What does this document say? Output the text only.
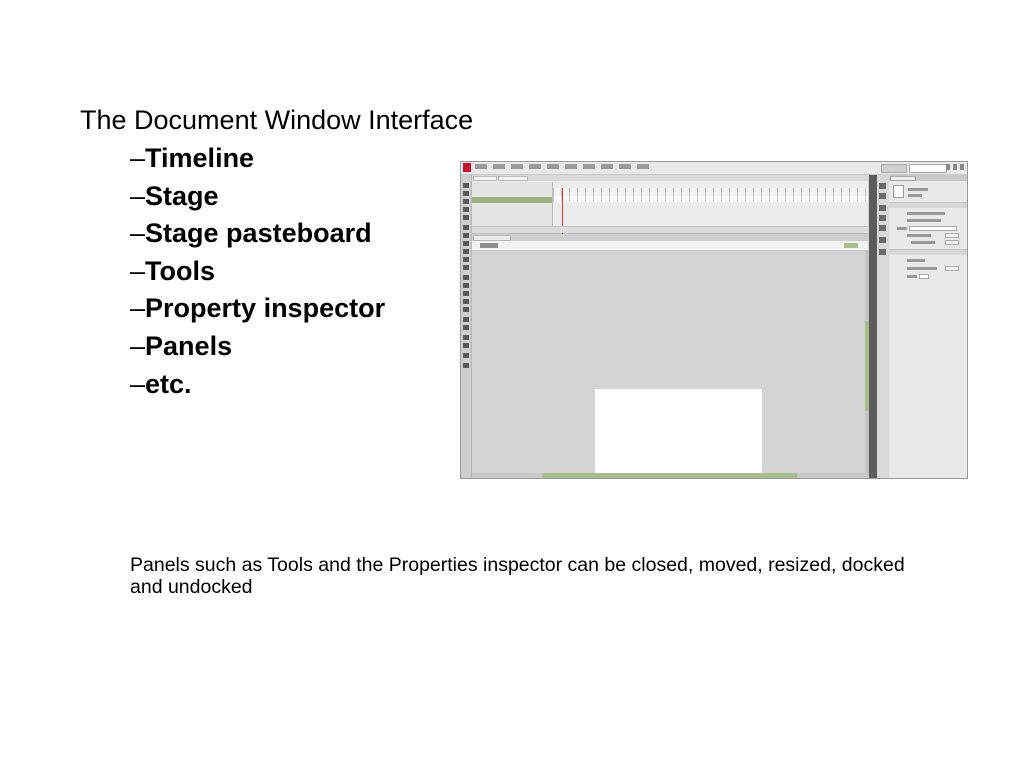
The Document Window Interface
–Timeline
–Stage
–Stage pasteboard
–Tools
–Property inspector
–Panels
–etc.
Panels such as Tools and the Properties inspector can be closed, moved, resized, docked and undocked
